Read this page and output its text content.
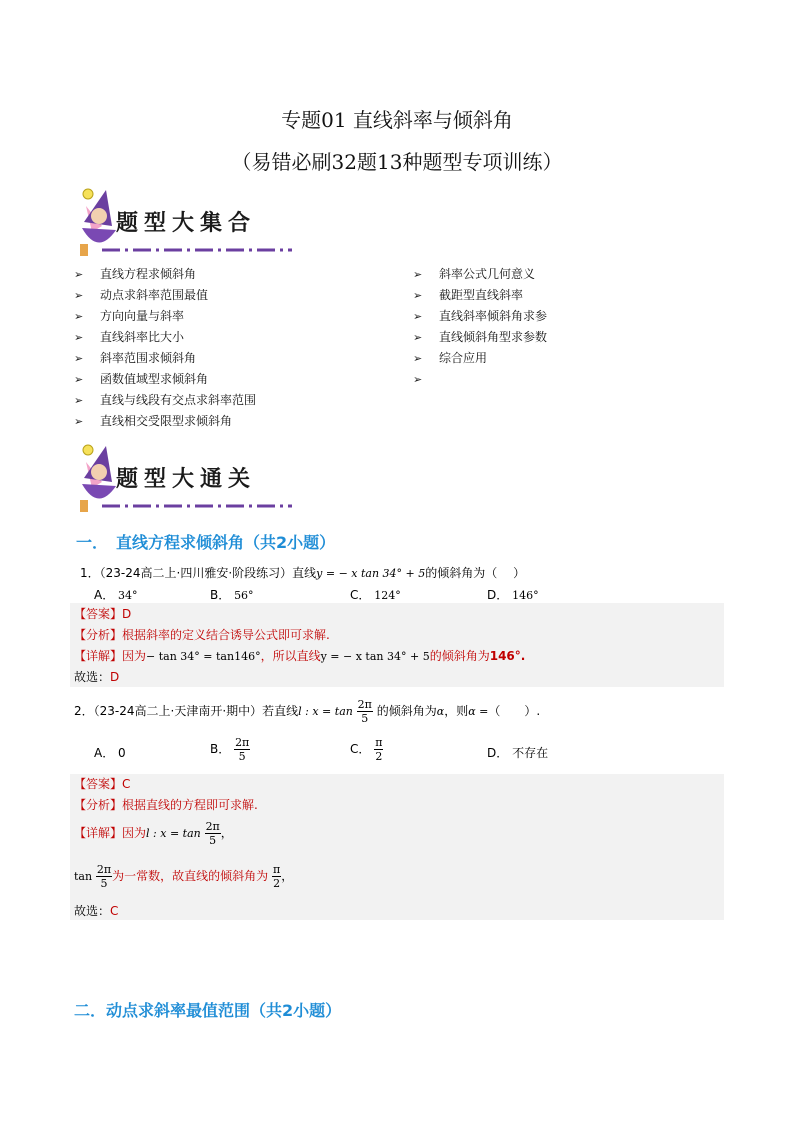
专题01 直线斜率与倾斜角
（易错必刷32题13种题型专项训练）
题型大集合
➢ 直线方程求倾斜角
➢ 动点求斜率范围最值
➢ 方向向量与斜率
➢ 直线斜率比大小
➢ 斜率范围求倾斜角
➢ 函数值域型求倾斜角
➢ 直线与线段有交点求斜率范围
➢ 直线相交受限型求倾斜角
➢ 斜率公式几何意义
➢ 截距型直线斜率
➢ 直线斜率倾斜角求参
➢ 直线倾斜角型求参数
➢ 综合应用
➢
题型大通关
一．　直线方程求倾斜角（共2小题）
1．（23-24高二上·四川雅安·阶段练习）直线y = − x tan 34° + 5的倾斜角为（　 ）
A． 34°	B． 56°	C． 124°	D． 146°
【答案】D
【分析】根据斜率的定义结合诱导公式即可求解.
【详解】因为− tan 34° = tan146°，所以直线y = − x tan 34° + 5的倾斜角为146°.
故选：D
2．（23-24高二上·天津南开·期中）若直线l : $x = \tan \frac{2\pi}{5}$ 的倾斜角为α，则α =（　　）.
A． 0	B． $\frac{2\pi}{5}$	C． $\frac{\pi}{2}$	D． 不存在
【答案】C
【分析】根据直线的方程即可求解.
【详解】因为l : $x = \tan \frac{2\pi}{5}$ ，
$\tan \frac{2\pi}{5}$ 为一常数，故直线的倾斜角为 $\frac{\pi}{2}$ ，
故选：C
二．动点求斜率最值范围（共2小题）
